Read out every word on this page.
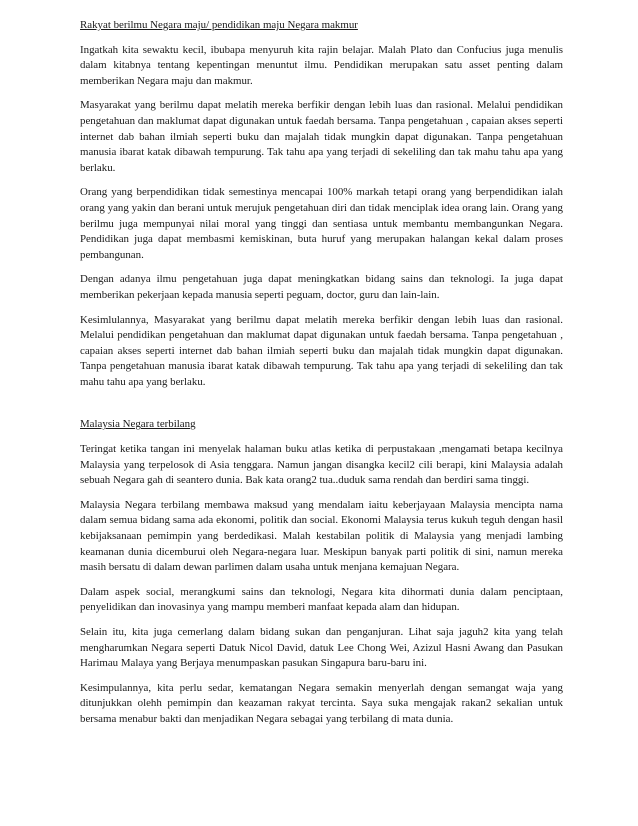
Rakyat berilmu Negara maju/ pendidikan maju Negara makmur

Ingatkah kita sewaktu kecil, ibubapa menyuruh kita rajin belajar. Malah Plato dan Confucius juga menulis dalam kitabnya tentang kepentingan menuntut ilmu. Pendidikan merupakan satu asset penting dalam memberikan Negara maju dan makmur.

Masyarakat yang berilmu dapat melatih mereka berfikir dengan lebih luas dan rasional. Melalui pendidikan pengetahuan dan maklumat dapat digunakan untuk faedah bersama. Tanpa pengetahuan , capaian akses seperti internet dab bahan ilmiah seperti buku dan majalah tidak mungkin dapat digunakan. Tanpa pengetahuan manusia ibarat katak dibawah tempurung. Tak tahu apa yang terjadi di sekeliling dan tak mahu tahu apa yang berlaku.

Orang yang berpendidikan tidak semestinya mencapai 100% markah tetapi orang yang berpendidikan ialah orang yang yakin dan berani untuk merujuk pengetahuan diri dan tidak menciplak idea orang lain. Orang yang berilmu juga mempunyai nilai moral yang tinggi dan sentiasa untuk membantu membangunkan Negara. Pendidikan juga dapat membasmi kemiskinan, buta huruf yang merupakan halangan kekal dalam proses pembangunan.

Dengan adanya ilmu pengetahuan juga dapat meningkatkan bidang sains dan teknologi. Ia juga dapat memberikan pekerjaan kepada manusia seperti peguam, doctor, guru dan lain-lain.

Kesimlulannya, Masyarakat yang berilmu dapat melatih mereka berfikir dengan lebih luas dan rasional. Melalui pendidikan pengetahuan dan maklumat dapat digunakan untuk faedah bersama. Tanpa pengetahuan , capaian akses seperti internet dab bahan ilmiah seperti buku dan majalah tidak mungkin dapat digunakan. Tanpa pengetahuan manusia ibarat katak dibawah tempurung. Tak tahu apa yang terjadi di sekeliling dan tak mahu tahu apa yang berlaku.

Malaysia Negara terbilang

Teringat ketika tangan ini menyelak halaman buku atlas ketika di perpustakaan ,mengamati betapa kecilnya Malaysia yang terpelosok di Asia tenggara. Namun jangan disangka kecil2 cili berapi, kini Malaysia adalah sebuah Negara gah di seantero dunia. Bak kata orang2 tua..duduk sama rendah dan berdiri sama tinggi.

Malaysia Negara terbilang membawa maksud yang mendalam iaitu keberjayaan Malaysia mencipta nama dalam semua bidang sama ada ekonomi, politik dan social. Ekonomi Malaysia terus kukuh teguh dengan hasil kebijaksanaan pemimpin yang berdedikasi. Malah kestabilan politik di Malaysia yang menjadi lambing keamanan dunia dicemburui oleh Negara-negara luar. Meskipun banyak parti politik di sini, namun mereka masih bersatu di dalam dewan parlimen dalam usaha untuk menjana kemajuan Negara.

Dalam aspek social, merangkumi sains dan teknologi, Negara kita dihormati dunia dalam penciptaan, penyelidikan dan inovasinya yang mampu memberi manfaat kepada alam dan hidupan.

Selain itu, kita juga cemerlang dalam bidang sukan dan penganjuran. Lihat saja jaguh2 kita yang telah mengharumkan Negara seperti Datuk Nicol David, datuk Lee Chong Wei, Azizul Hasni Awang dan Pasukan Harimau Malaya yang Berjaya menumpaskan pasukan Singapura baru-baru ini.

Kesimpulannya, kita perlu sedar, kematangan Negara semakin menyerlah dengan semangat waja yang ditunjukkan olehh pemimpin dan keazaman rakyat tercinta. Saya suka mengajak rakan2 sekalian untuk bersama menabur bakti dan menjadikan Negara sebagai yang terbilang di mata dunia.
